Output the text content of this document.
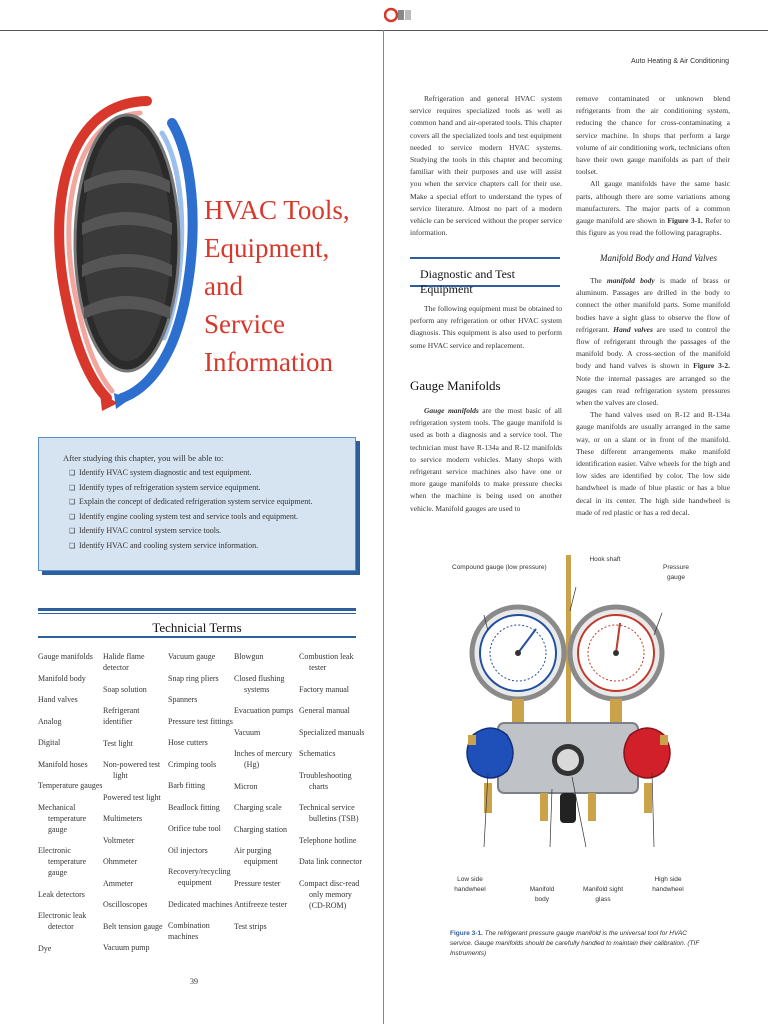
HVAC Tools,
Equipment,
and
Service
Information
After studying this chapter, you will be able to:
❑ Identify HVAC system diagnostic and test equipment.
❑ Identify types of refrigeration system service equipment.
❑ Explain the concept of dedicated refrigeration system service equipment.
❑ Identify engine cooling system test and service tools and equipment.
❑ Identify HVAC control system service tools.
❑ Identify HVAC and cooling system service information.
Technicial Terms
Gauge manifolds
Manifold body
Hand valves
Analog
Digital
Manifold hoses
Temperature gauges
Mechanical temperature gauge
Electronic temperature gauge
Leak detectors
Electronic leak detector
Dye
Halide flame detector
Soap solution
Refrigerant identifier
Test light
Non-powered test light
Powered test light
Multimeters
Voltmeter
Ohmmeter
Ammeter
Oscilloscopes
Belt tension gauge
Vacuum pump
Vacuum gauge
Snap ring pliers
Spanners
Pressure test fittings
Hose cutters
Crimping tools
Barb fitting
Beadlock fitting
Orifice tube tool
Oil injectors
Recovery/recycling equipment
Dedicated machines
Combination machines
Blowgun
Closed flushing systems
Evacuation pumps
Vacuum
Inches of mercury (Hg)
Micron
Charging scale
Charging station
Air purging equipment
Pressure tester
Antifreeze tester
Test strips
Combustion leak tester
Factory manual
General manual
Specialized manuals
Schematics
Troubleshooting charts
Technical service bulletins (TSB)
Telephone hotline
Data link connector
Compact disc-read only memory (CD-ROM)
39
Auto Heating & Air Conditioning

Refrigeration and general HVAC system service requires specialized tools as well as common hand and air-operated tools. This chapter covers all the specialized tools and test equipment needed to service modern HVAC systems. Studying the tools in this chapter and becoming familiar with their purposes and use will assist you when the service chapters call for their use. Make a special effort to understand the types of service literature. Almost no part of a modern vehicle can be serviced without the proper service information.

Diagnostic and Test Equipment

The following equipment must be obtained to perform any refrigeration or other HVAC system diagnosis. This equipment is also used to perform some HVAC service and replacement.

Gauge Manifolds

Gauge manifolds are the most basic of all refrigeration system tools. The gauge manifold is used as both a diagnosis and a service tool. The technician must have R-134a and R-12 manifolds to service modern vehicles. Many shops with refrigerant service machines also have one or more gauge manifolds to make pressure checks when the machine is being used on another vehicle. Manifold gauges are used to

remove contaminated or unknown blend refrigerants from the air conditioning system, reducing the chance for cross-contaminating a service machine. In shops that perform a large volume of air conditioning work, technicians often have their own gauge manifolds as part of their toolset.

All gauge manifolds have the same basic parts, although there are some variations among manufacturers. The major parts of a common gauge manifold are shown in Figure 3-1. Refer to this figure as you read the following paragraphs.

Manifold Body and Hand Valves

The manifold body is made of brass or aluminum. Passages are drilled in the body to connect the other manifold parts. Some manifold bodies have a sight glass to observe the flow of refrigerant. Hand valves are used to control the flow of refrigerant through the passages of the manifold body. A cross-section of the manifold body and hand valves is shown in Figure 3-2. Note the internal passages are arranged so the gauges can read refrigeration system pressures when the valves are closed.

The hand valves used on R-12 and R-134a gauge manifolds are usually arranged in the same way, or on a slant or in front of the manifold. These different arrangements make manifold identification easier. Valve wheels for the high and low sides are identified by color. The low side handwheel is made of blue plastic or has a blue decal in its center. The high side handwheel is made of red plastic or has a red decal.

Compound gauge (low pressure)
Hook shaft
Pressure gauge
Low side handwheel	Manifold body
Manifold sight glass
High side handwheel
Figure 3-1. The refrigerant pressure gauge manifold is the universal tool for HVAC service. Gauge manifolds should be carefully handled to maintain their calibration. (TIF Instruments)
